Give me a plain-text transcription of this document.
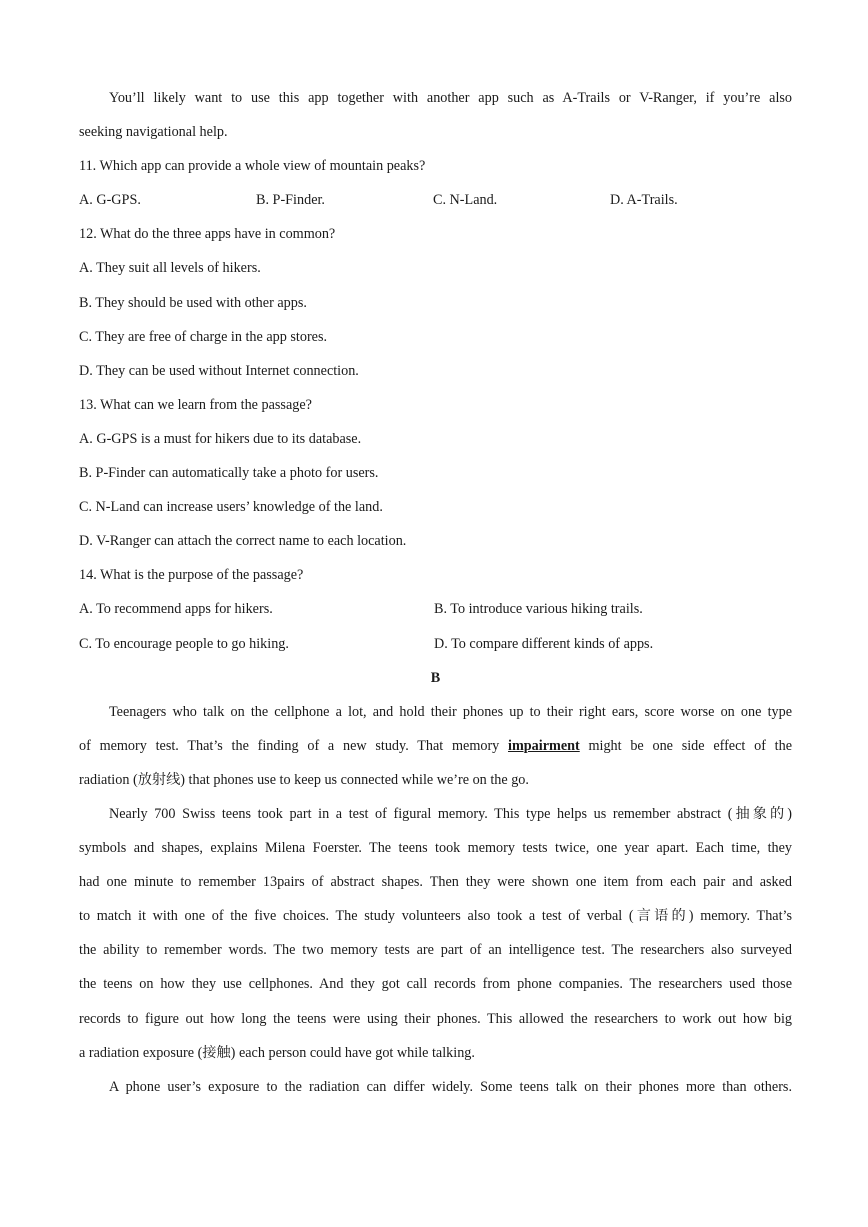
You’ll likely want to use this app together with another app such as A-Trails or V-Ranger, if you’re also
seeking navigational help.
11. Which app can provide a whole view of mountain peaks?
A. G-GPS.	B. P-Finder.	C. N-Land.	D. A-Trails.
12. What do the three apps have in common?
A. They suit all levels of hikers.
B. They should be used with other apps.
C. They are free of charge in the app stores.
D. They can be used without Internet connection.
13. What can we learn from the passage?
A. G-GPS is a must for hikers due to its database.
B. P-Finder can automatically take a photo for users.
C. N-Land can increase users’ knowledge of the land.
D. V-Ranger can attach the correct name to each location.
14. What is the purpose of the passage?
A. To recommend apps for hikers.	B. To introduce various hiking trails.
C. To encourage people to go hiking.	D. To compare different kinds of apps.
B
Teenagers who talk on the cellphone a lot, and hold their phones up to their right ears, score worse on one type
of memory test. That’s the finding of a new study. That memory impairment might be one side effect of the
radiation (放射线) that phones use to keep us connected while we’re on the go.
Nearly 700 Swiss teens took part in a test of figural memory. This type helps us remember abstract (抽象的)
symbols and shapes, explains Milena Foerster. The teens took memory tests twice, one year apart. Each time, they
had one minute to remember 13pairs of abstract shapes. Then they were shown one item from each pair and asked
to match it with one of the five choices. The study volunteers also took a test of verbal (言语的) memory. That’s
the ability to remember words. The two memory tests are part of an intelligence test. The researchers also surveyed
the teens on how they use cellphones. And they got call records from phone companies. The researchers used those
records to figure out how long the teens were using their phones. This allowed the researchers to work out how big
a radiation exposure (接触) each person could have got while talking.
A phone user’s exposure to the radiation can differ widely. Some teens talk on their phones more than others.
